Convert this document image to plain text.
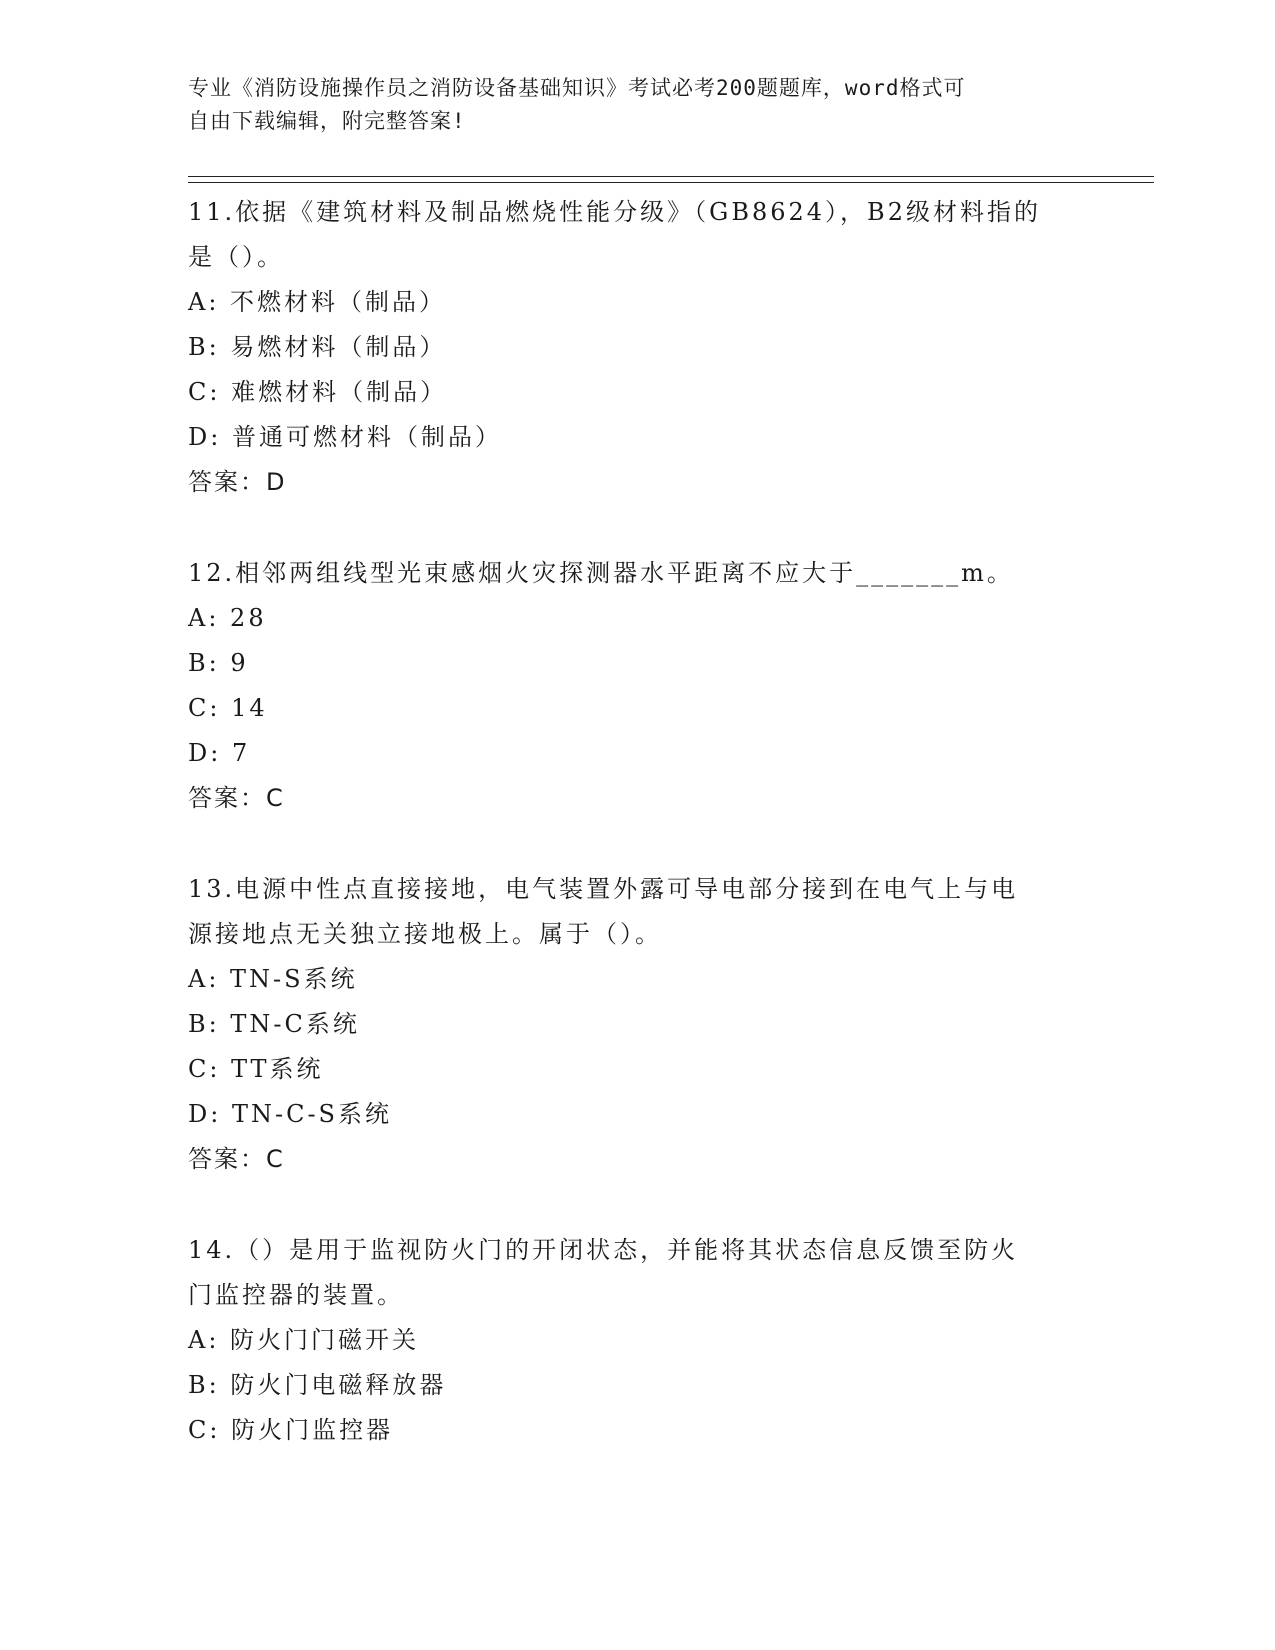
专业《消防设施操作员之消防设备基础知识》考试必考200题题库，word格式可
自由下载编辑，附完整答案!
11.依据《建筑材料及制品燃烧性能分级》（GB8624），B2级材料指的
是（）。
A: 不燃材料（制品）
B: 易燃材料（制品）
C: 难燃材料（制品）
D: 普通可燃材料（制品）
答案：D
12.相邻两组线型光束感烟火灾探测器水平距离不应大于_______m。
A: 28
B: 9
C: 14
D: 7
答案：C
13.电源中性点直接接地，电气装置外露可导电部分接到在电气上与电
源接地点无关独立接地极上。属于（）。
A: TN-S系统
B: TN-C系统
C: TT系统
D: TN-C-S系统
答案：C
14.（）是用于监视防火门的开闭状态，并能将其状态信息反馈至防火
门监控器的装置。
A: 防火门门磁开关
B: 防火门电磁释放器
C: 防火门监控器
